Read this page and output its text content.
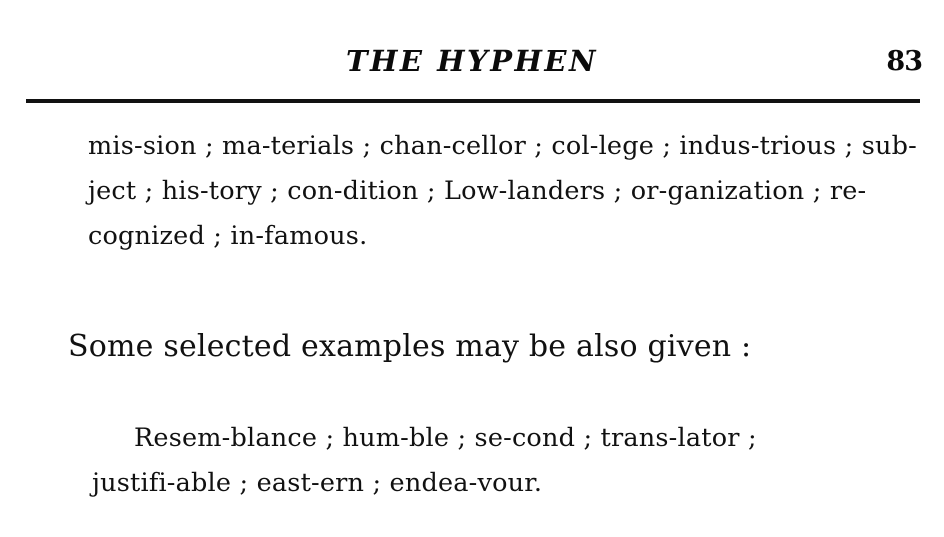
THE HYPHEN	83
mis-sion ; ma-terials ; chan-cellor ; col-lege ; indus-trious ; sub-ject ; his-tory ; con-dition ; Low-landers ; or-ganization ; re-cognized ; in-famous.
Some selected examples may be also given :
Resem-blance ; hum-ble ; se-cond ; trans-lator ;
justifi-able ; east-ern ; endea-vour.
